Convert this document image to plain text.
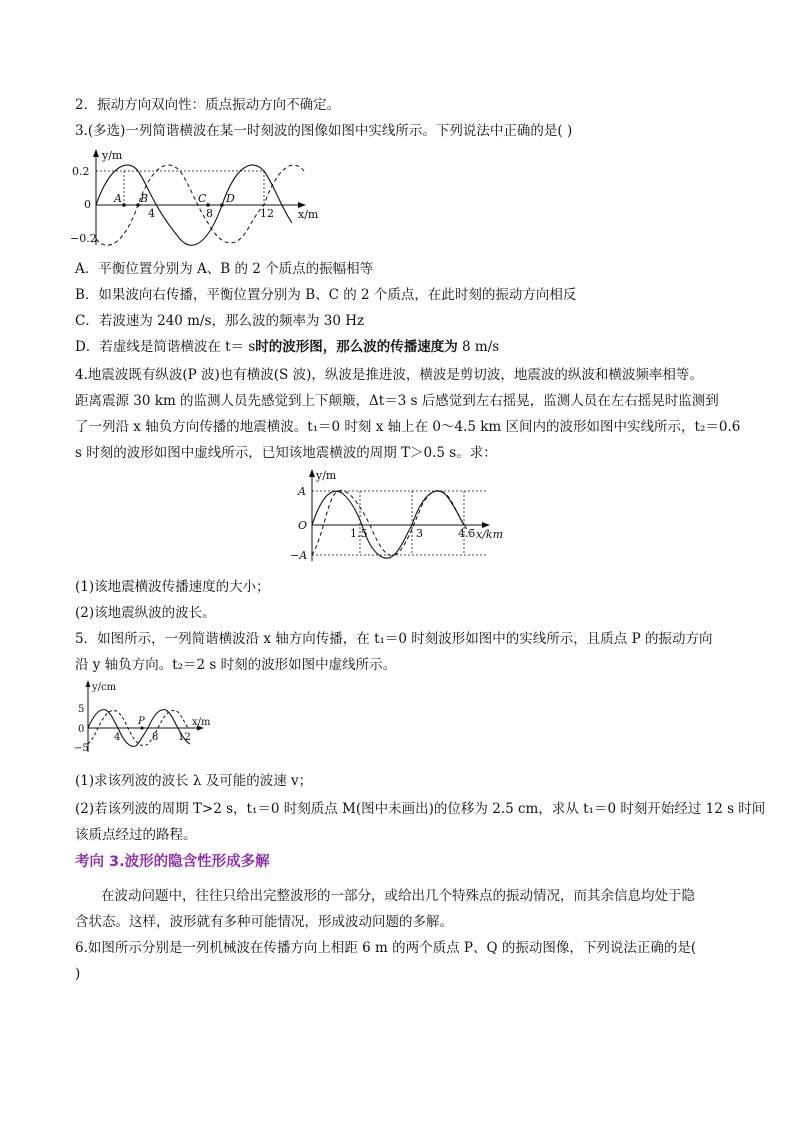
2．振动方向双向性：质点振动方向不确定。
3.(多选)一列简谐横波在某一时刻波的图像如图中实线所示。下列说法中正确的是( )
y/m
x/m
0.2
0
−0.2
A B	C D
4	8	12
A．平衡位置分别为 A、B 的 2 个质点的振幅相等
B．如果波向右传播，平衡位置分别为 B、C 的 2 个质点，在此时刻的振动方向相反
C．若波速为 240 m/s，那么波的频率为 30 Hz
D．若虚线是简谐横波在 t＝ s时的波形图，那么波的传播速度为 8 m/s
4.地震波既有纵波(P 波)也有横波(S 波)，纵波是推进波，横波是剪切波，地震波的纵波和横波频率相等。
距离震源 30 km 的监测人员先感觉到上下颠簸，Δt＝3 s 后感觉到左右摇晃，监测人员在左右摇晃时监测到
了一列沿 x 轴负方向传播的地震横波。t₁＝0 时刻 x 轴上在 0～4.5 km 区间内的波形如图中实线所示，t₂＝0.6
s 时刻的波形如图中虚线所示，已知该地震横波的周期 T＞0.5 s。求：
y/m
x/km
A
O
−A
1.5	3	4.5
(1)该地震横波传播速度的大小；
(2)该地震纵波的波长。
5．如图所示，一列简谐横波沿 x 轴方向传播，在 t₁＝0 时刻波形如图中的实线所示，且质点 P 的振动方向
沿 y 轴负方向。t₂＝2 s 时刻的波形如图中虚线所示。
y/cm
x/m
5
0
−5
P
4	8 12
(1)求该列波的波长 λ 及可能的波速 v；
(2)若该列波的周期 T>2 s，t₁＝0 时刻质点 M(图中未画出)的位移为 2.5 cm，求从 t₁＝0 时刻开始经过 12 s 时间
该质点经过的路程。
考向 3.波形的隐含性形成多解
在波动问题中，往往只给出完整波形的一部分，或给出几个特殊点的振动情况，而其余信息均处于隐
含状态。这样，波形就有多种可能情况，形成波动问题的多解。
6.如图所示分别是一列机械波在传播方向上相距 6 m 的两个质点 P、Q 的振动图像，下列说法正确的是(
)
